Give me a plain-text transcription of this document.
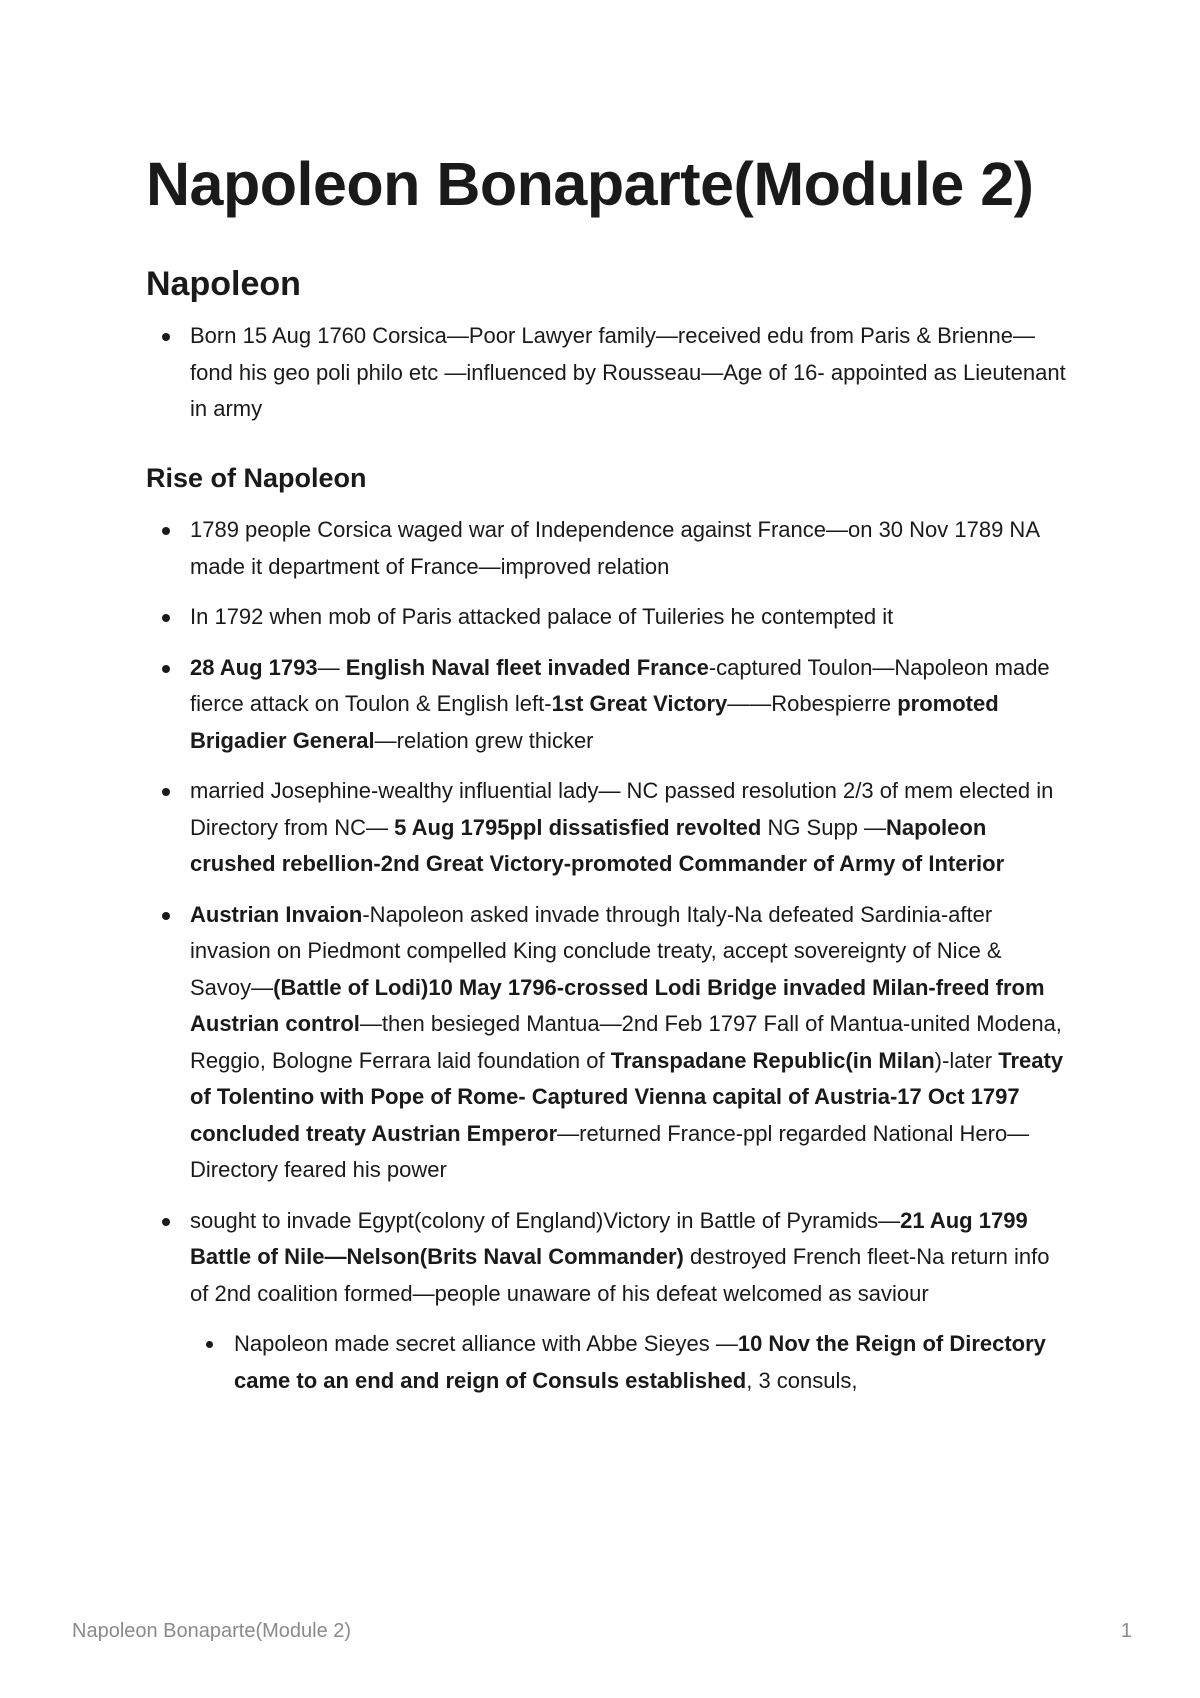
Napoleon Bonaparte(Module 2)
Napoleon
Born 15 Aug 1760 Corsica—Poor Lawyer family—received edu from Paris & Brienne—fond his geo poli philo etc —influenced by Rousseau—Age of 16- appointed as Lieutenant in army
Rise of Napoleon
1789 people Corsica waged war of Independence against France—on 30 Nov 1789 NA made it department of France—improved relation
In 1792 when mob of Paris attacked palace of Tuileries he contempted it
28 Aug 1793— English Naval fleet invaded France-captured Toulon—Napoleon made fierce attack on Toulon & English left-1st Great Victory——Robespierre promoted Brigadier General—relation grew thicker
married Josephine-wealthy influential lady— NC passed resolution 2/3 of mem elected in Directory from NC— 5 Aug 1795ppl dissatisfied revolted NG Supp —Napoleon crushed rebellion-2nd Great Victory-promoted Commander of Army of Interior
Austrian Invaion-Napoleon asked invade through Italy-Na defeated Sardinia-after invasion on Piedmont compelled King conclude treaty, accept sovereignty of Nice & Savoy—(Battle of Lodi)10 May 1796-crossed Lodi Bridge invaded Milan-freed from Austrian control—then besieged Mantua—2nd Feb 1797 Fall of Mantua-united Modena, Reggio, Bologne Ferrara laid foundation of Transpadane Republic(in Milan)-later Treaty of Tolentino with Pope of Rome- Captured Vienna capital of Austria-17 Oct 1797 concluded treaty Austrian Emperor—returned France-ppl regarded National Hero—Directory feared his power
sought to invade Egypt(colony of England)Victory in Battle of Pyramids—21 Aug 1799 Battle of Nile—Nelson(Brits Naval Commander) destroyed French fleet-Na return info of 2nd coalition formed—people unaware of his defeat welcomed as saviour
Napoleon made secret alliance with Abbe Sieyes —10 Nov the Reign of Directory came to an end and reign of Consuls established, 3 consuls,
Napoleon Bonaparte(Module 2)	1
